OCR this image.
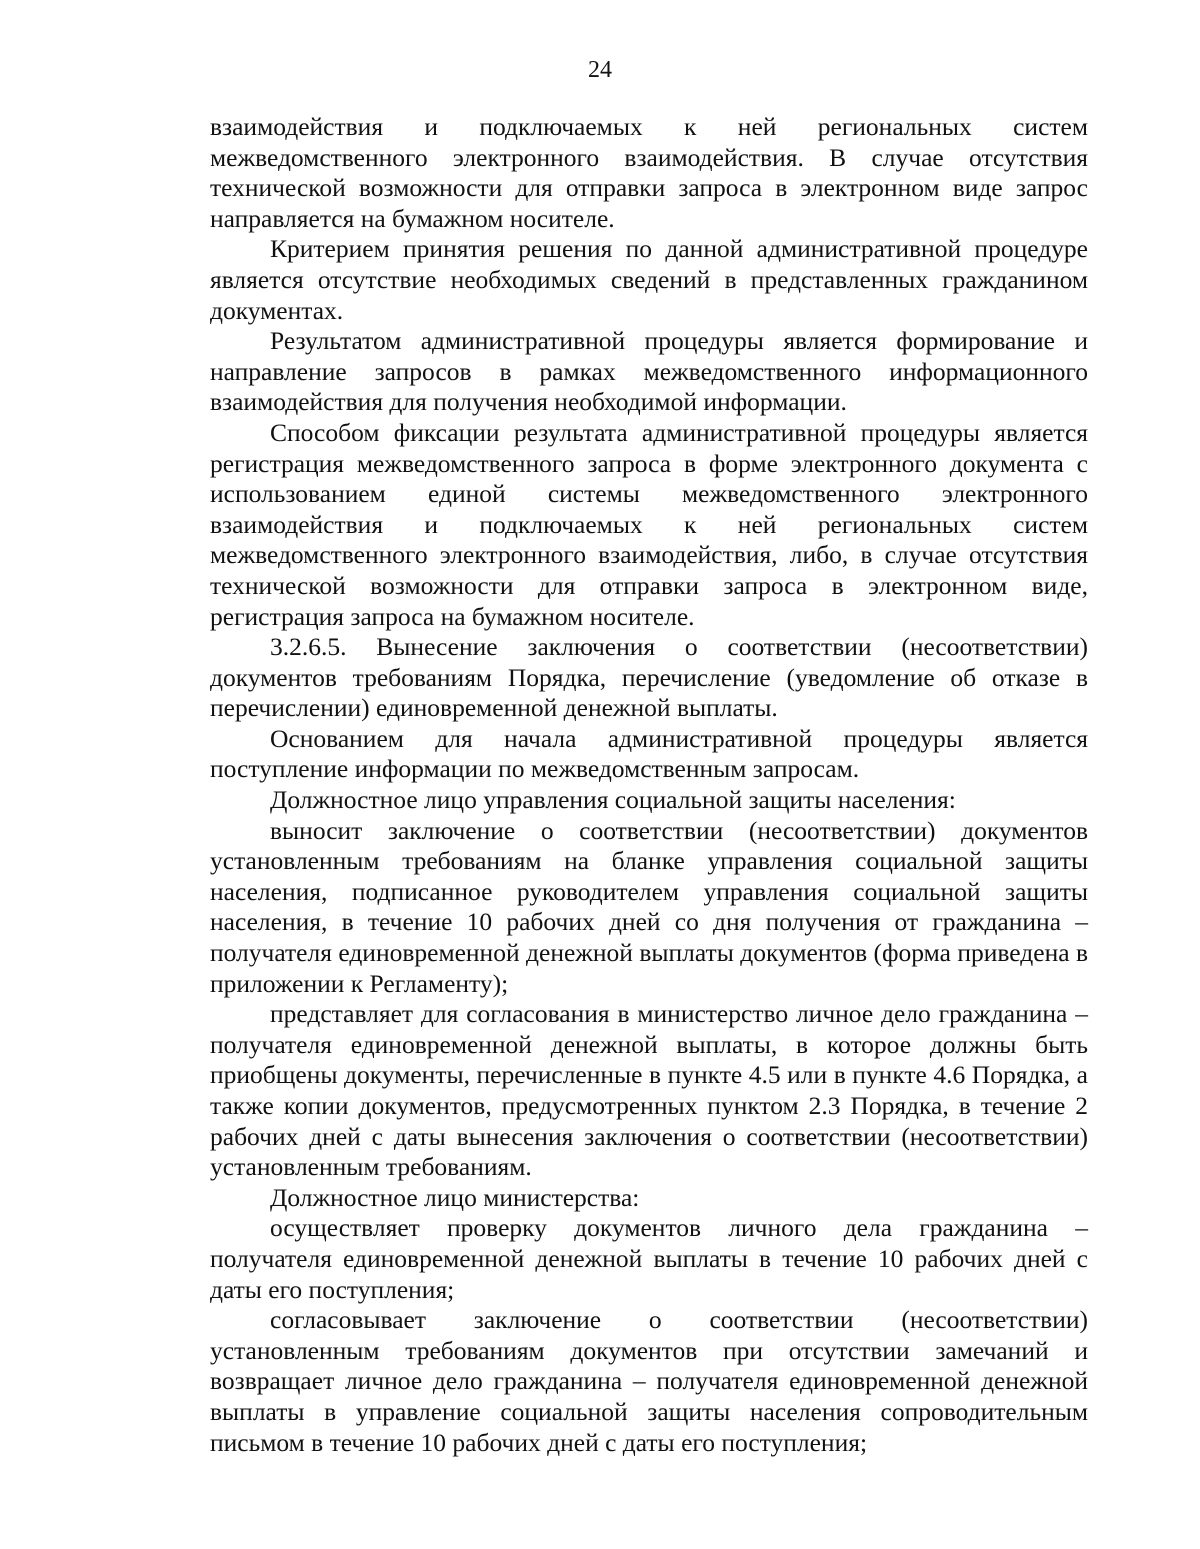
24

взаимодействия и подключаемых к ней региональных систем межведомственного электронного взаимодействия. В случае отсутствия технической возможности для отправки запроса в электронном виде запрос направляется на бумажном носителе.

Критерием принятия решения по данной административной процедуре является отсутствие необходимых сведений в представленных гражданином документах.

Результатом административной процедуры является формирование и направление запросов в рамках межведомственного информационного взаимодействия для получения необходимой информации.

Способом фиксации результата административной процедуры является регистрация межведомственного запроса в форме электронного документа с использованием единой системы межведомственного электронного взаимодействия и подключаемых к ней региональных систем межведомственного электронного взаимодействия, либо, в случае отсутствия технической возможности для отправки запроса в электронном виде, регистрация запроса на бумажном носителе.

3.2.6.5. Вынесение заключения о соответствии (несоответствии) документов требованиям Порядка, перечисление (уведомление об отказе в перечислении) единовременной денежной выплаты.

Основанием для начала административной процедуры является поступление информации по межведомственным запросам.

Должностное лицо управления социальной защиты населения:

выносит заключение о соответствии (несоответствии) документов установленным требованиям на бланке управления социальной защиты населения, подписанное руководителем управления социальной защиты населения, в течение 10 рабочих дней со дня получения от гражданина – получателя единовременной денежной выплаты документов (форма приведена в приложении к Регламенту);

представляет для согласования в министерство личное дело гражданина – получателя единовременной денежной выплаты, в которое должны быть приобщены документы, перечисленные в пункте 4.5 или в пункте 4.6 Порядка, а также копии документов, предусмотренных пунктом 2.3 Порядка, в течение 2 рабочих дней с даты вынесения заключения о соответствии (несоответствии) установленным требованиям.

Должностное лицо министерства:

осуществляет проверку документов личного дела гражданина – получателя единовременной денежной выплаты в течение 10 рабочих дней с даты его поступления;

согласовывает заключение о соответствии (несоответствии) установленным требованиям документов при отсутствии замечаний и возвращает личное дело гражданина – получателя единовременной денежной выплаты в управление социальной защиты населения сопроводительным письмом в течение 10 рабочих дней с даты его поступления;
